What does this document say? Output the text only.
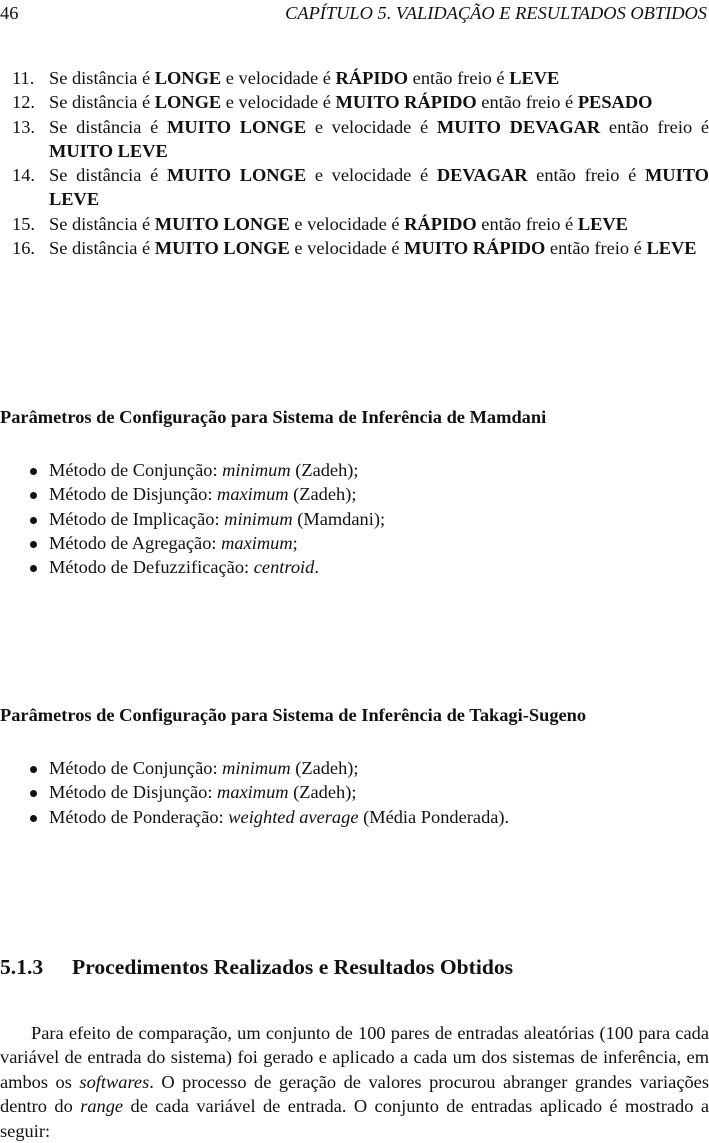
46	CAPÍTULO 5. VALIDAÇÃO E RESULTADOS OBTIDOS
11. Se distância é LONGE e velocidade é RÁPIDO então freio é LEVE
12. Se distância é LONGE e velocidade é MUITO RÁPIDO então freio é PESADO
13. Se distância é MUITO LONGE e velocidade é MUITO DEVAGAR então freio é MUITO LEVE
14. Se distância é MUITO LONGE e velocidade é DEVAGAR então freio é MUITO LEVE
15. Se distância é MUITO LONGE e velocidade é RÁPIDO então freio é LEVE
16. Se distância é MUITO LONGE e velocidade é MUITO RÁPIDO então freio é LEVE
Parâmetros de Configuração para Sistema de Inferência de Mamdani
Método de Conjunção: minimum (Zadeh);
Método de Disjunção: maximum (Zadeh);
Método de Implicação: minimum (Mamdani);
Método de Agregação: maximum;
Método de Defuzzificação: centroid.
Parâmetros de Configuração para Sistema de Inferência de Takagi-Sugeno
Método de Conjunção: minimum (Zadeh);
Método de Disjunção: maximum (Zadeh);
Método de Ponderação: weighted average (Média Ponderada).
5.1.3 Procedimentos Realizados e Resultados Obtidos

Para efeito de comparação, um conjunto de 100 pares de entradas aleatórias (100 para cada variável de entrada do sistema) foi gerado e aplicado a cada um dos sistemas de inferência, em ambos os softwares. O processo de geração de valores procurou abranger grandes variações dentro do range de cada variável de entrada. O conjunto de entradas aplicado é mostrado a seguir:
